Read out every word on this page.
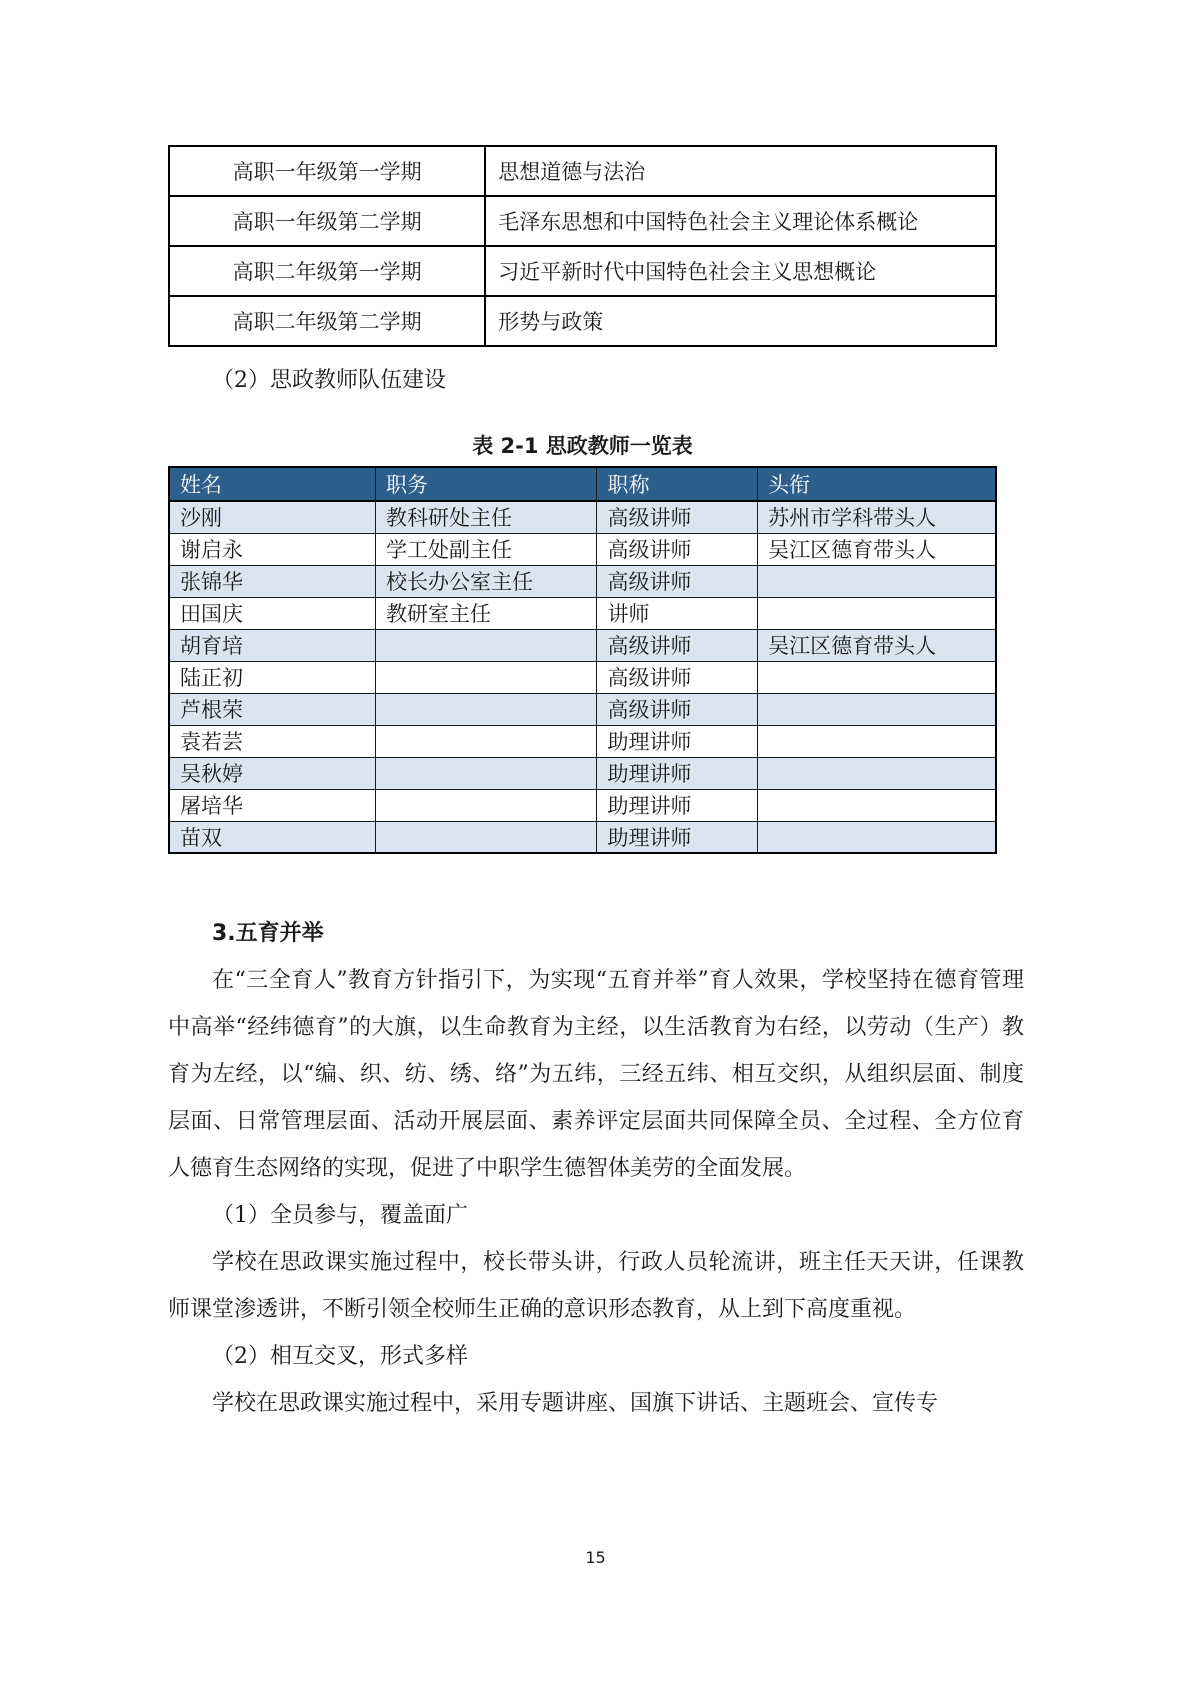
高职一年级第一学期	思想道德与法治
高职一年级第二学期	毛泽东思想和中国特色社会主义理论体系概论
高职二年级第一学期	习近平新时代中国特色社会主义思想概论
高职二年级第二学期	形势与政策
（2）思政教师队伍建设
表 2-1 思政教师一览表
姓名	职务	职称	头衔
沙刚	教科研处主任	高级讲师	苏州市学科带头人
谢启永	学工处副主任	高级讲师	吴江区德育带头人
张锦华	校长办公室主任	高级讲师	
田国庆	教研室主任	讲师	
胡育培		高级讲师	吴江区德育带头人
陆正初		高级讲师	
芦根荣		高级讲师	
袁若芸		助理讲师	
吴秋婷		助理讲师	
屠培华		助理讲师	
苗双		助理讲师	
3.五育并举
在“三全育人”教育方针指引下，为实现“五育并举”育人效果，学校坚持在德育管理中高举“经纬德育”的大旗，以生命教育为主经，以生活教育为右经，以劳动（生产）教育为左经，以“编、织、纺、绣、络”为五纬，三经五纬、相互交织，从组织层面、制度层面、日常管理层面、活动开展层面、素养评定层面共同保障全员、全过程、全方位育人德育生态网络的实现，促进了中职学生德智体美劳的全面发展。
（1）全员参与，覆盖面广
学校在思政课实施过程中，校长带头讲，行政人员轮流讲，班主任天天讲，任课教师课堂渗透讲，不断引领全校师生正确的意识形态教育，从上到下高度重视。
（2）相互交叉，形式多样
学校在思政课实施过程中，采用专题讲座、国旗下讲话、主题班会、宣传专
15
